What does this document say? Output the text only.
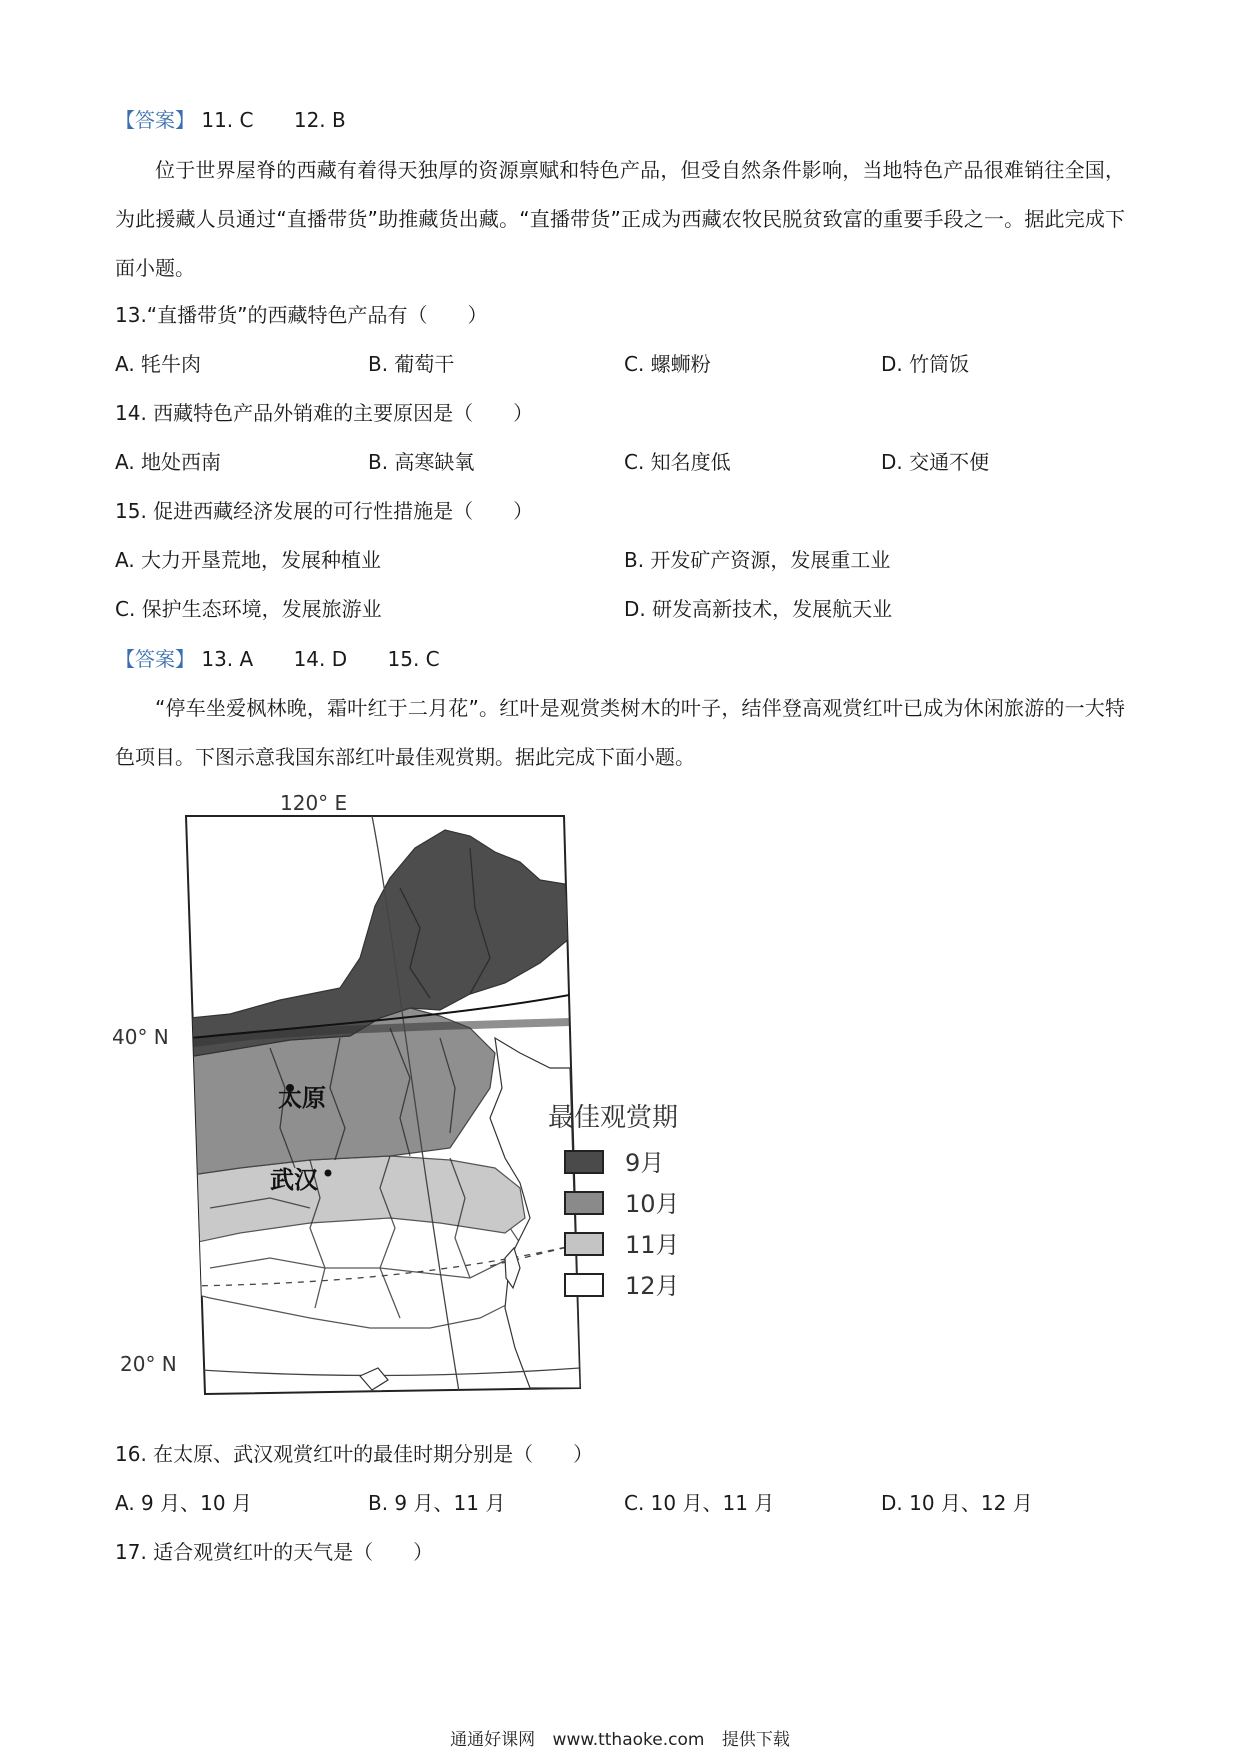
【答案】 11. C 12. B
位于世界屋脊的西藏有着得天独厚的资源禀赋和特色产品，但受自然条件影响，当地特色产品很难销往全国，为此援藏人员通过“直播带货”助推藏货出藏。“直播带货”正成为西藏农牧民脱贫致富的重要手段之一。据此完成下面小题。
13.“直播带货”的西藏特色产品有（　　）
A. 牦牛肉	B. 葡萄干	C. 螺蛳粉	D. 竹筒饭
14. 西藏特色产品外销难的主要原因是（　　）
A. 地处西南	B. 高寒缺氧	C. 知名度低	D. 交通不便
15. 促进西藏经济发展的可行性措施是（　　）
A. 大力开垦荒地，发展种植业	B. 开发矿产资源，发展重工业
C. 保护生态环境，发展旅游业	D. 研发高新技术，发展航天业
【答案】 13. A 14. D 15. C
“停车坐爱枫林晚，霜叶红于二月花”。红叶是观赏类树木的叶子，结伴登高观赏红叶已成为休闲旅游的一大特色项目。下图示意我国东部红叶最佳观赏期。据此完成下面小题。
120° E
40° N
20° N
太原
武汉
最佳观赏期
9月
10月
11月
12月
16. 在太原、武汉观赏红叶的最佳时期分别是（　　）
A. 9 月、10 月	B. 9 月、11 月	C. 10 月、11 月	D. 10 月、12 月
17. 适合观赏红叶的天气是（　　）
通通好课网 www.tthaoke.com 提供下载
